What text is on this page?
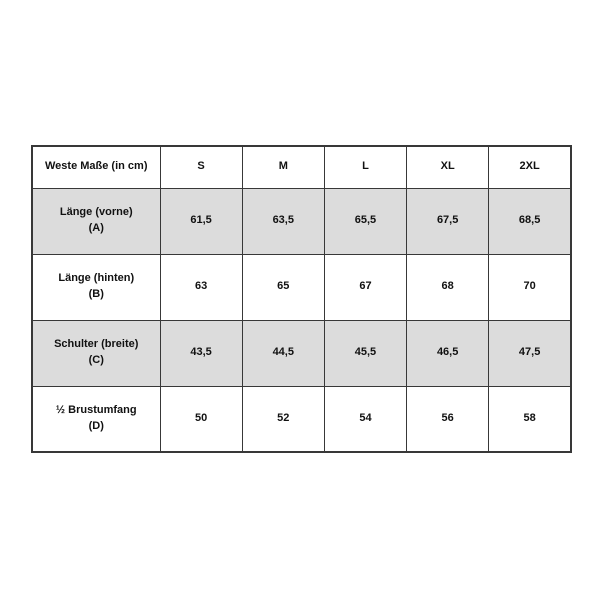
Weste Maße (in cm)	S	M	L	XL	2XL

Länge (vorne)
(A)	61,5	63,5	65,5	67,5	68,5

Länge (hinten)
(B)	63	65	67	68	70

Schulter (breite)
(C)	43,5	44,5	45,5	46,5	47,5

½ Brustumfang
(D)	50	52	54	56	58
